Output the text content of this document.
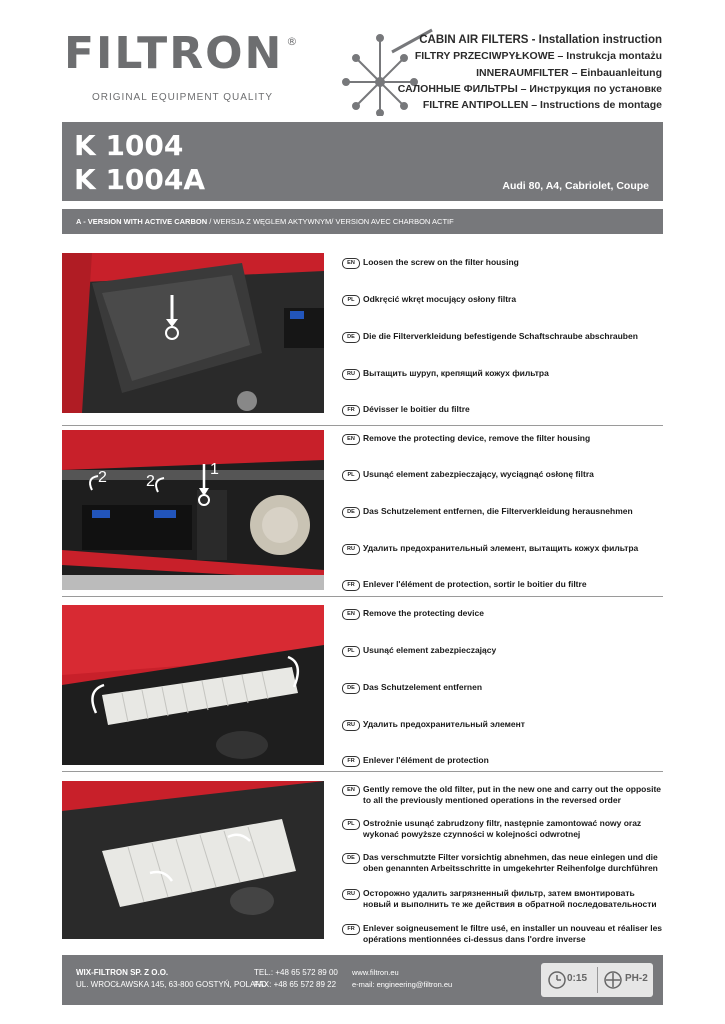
FILTRON ®
ORIGINAL EQUIPMENT QUALITY
CABIN AIR FILTERS - Installation instruction
FILTRY PRZECIWPYŁKOWE – Instrukcja montażu
INNERAUMFILTER – Einbauanleitung
САЛОННЫЕ ФИЛЬТРЫ – Инструкция по установке
FILTRE ANTIPOLLEN – Instructions de montage
K 1004
K 1004A	Audi 80, A4, Cabriolet, Coupe
A - VERSION WITH ACTIVE CARBON / WERSJA Z WĘGLEM AKTYWNYM/ VERSION AVEC CHARBON ACTIF
1
2 2
EN Loosen the screw on the filter housing
PL Odkręcić wkręt mocujący osłony filtra
DE Die die Filterverkleidung befestigende Schaftschraube abschrauben
RU Вытащить шуруп, крепящий кожух фильтра
FR Dévisser le boitier du filtre
EN Remove the protecting device, remove the filter housing
PL Usunąć element zabezpieczający, wyciągnąć osłonę filtra
DE Das Schutzelement entfernen, die Filterverkleidung herausnehmen
RU Удалить предохранительный элемент, вытащить кожух фильтра
FR Enlever l'élément de protection, sortir le boitier du filtre
EN Remove the protecting device
PL Usunąć element zabezpieczający
DE Das Schutzelement entfernen
RU Удалить предохранительный элемент
FR Enlever l'élément de protection
EN Gently remove the old filter, put in the new one and carry out the opposite to all the previously mentioned operations in the reversed order
PL Ostrożnie usunąć zabrudzony filtr, następnie zamontować nowy oraz wykonać powyższe czynności w kolejności odwrotnej
DE Das verschmutzte Filter vorsichtig abnehmen, das neue einlegen und die oben genannten Arbeitsschritte in umgekehrter Reihenfolge durchführen
RU Осторожно удалить загрязненный фильтр, затем вмонтировать новый и выполнить те же действия в обратной последовательности
FR Enlever soigneusement le filtre usé, en installer un nouveau et réaliser les opérations mentionnées ci-dessus dans l'ordre inverse
WIX-FILTRON SP. Z O.O.
UL. WROCŁAWSKA 145, 63-800 GOSTYŃ, POLAND
TEL.: +48 65 572 89 00
FAX: +48 65 572 89 22
www.filtron.eu
e-mail: engineering@filtron.eu
0:15	PH-2
